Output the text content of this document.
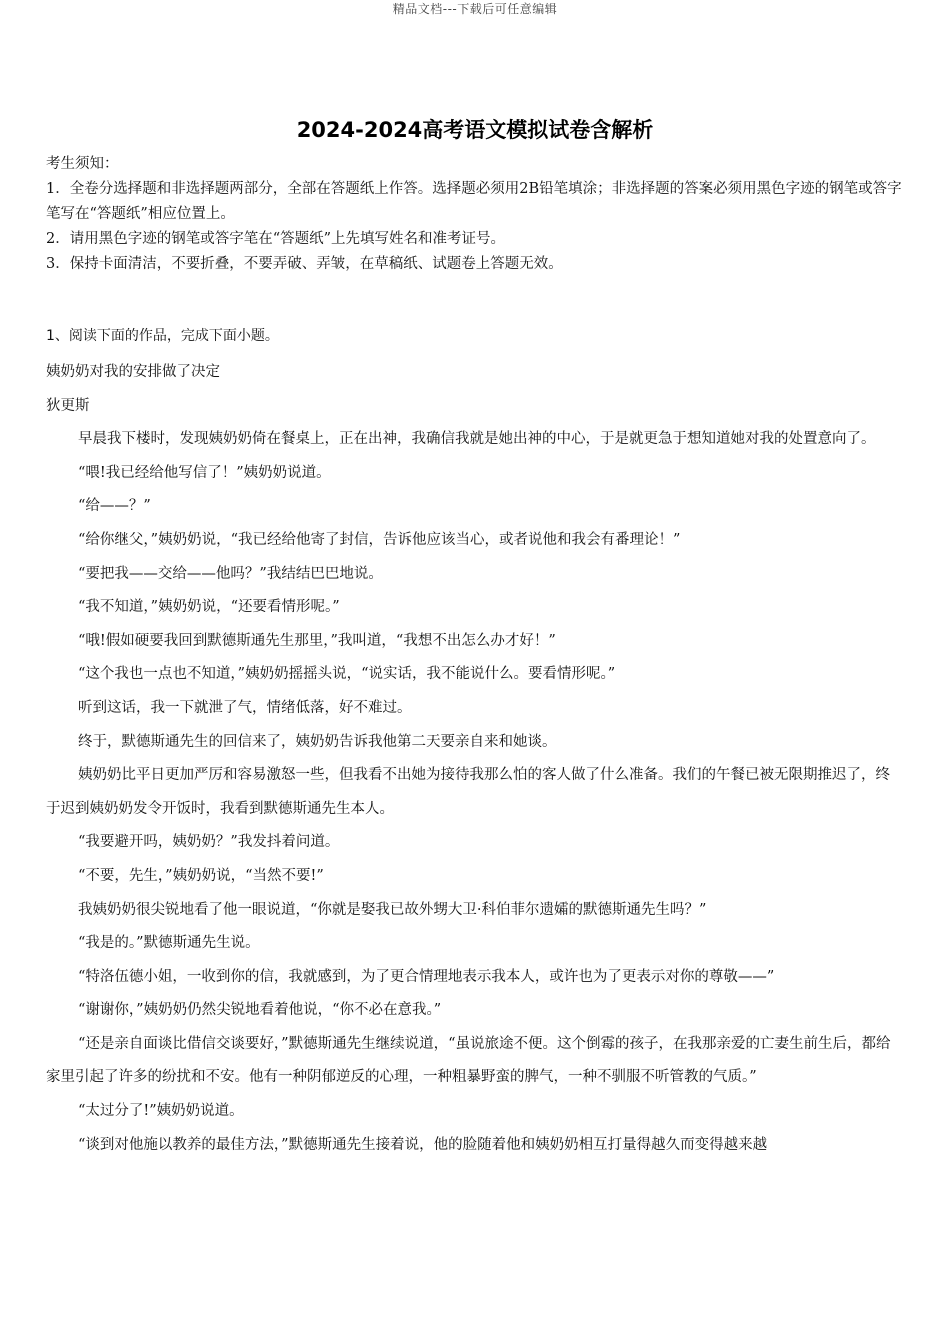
精品文档---下载后可任意编辑
2024-2024高考语文模拟试卷含解析
考生须知：
1．全卷分选择题和非选择题两部分，全部在答题纸上作答。选择题必须用2B铅笔填涂；非选择题的答案必须用黑色字迹的钢笔或答字笔写在“答题纸”相应位置上。
2．请用黑色字迹的钢笔或答字笔在“答题纸”上先填写姓名和准考证号。
3．保持卡面清洁，不要折叠，不要弄破、弄皱，在草稿纸、试题卷上答题无效。
1、阅读下面的作品，完成下面小题。

姨奶奶对我的安排做了决定

狄更斯

早晨我下楼时，发现姨奶奶倚在餐桌上，正在出神，我确信我就是她出神的中心，于是就更急于想知道她对我的处置意向了。

“喂!我已经给他写信了！”姨奶奶说道。

“给——？”

“给你继父，”姨奶奶说，“我已经给他寄了封信，告诉他应该当心，或者说他和我会有番理论！”

“要把我——交给——他吗？”我结结巴巴地说。

“我不知道，”姨奶奶说，“还要看情形呢。”

“哦!假如硬要我回到默德斯通先生那里，”我叫道，“我想不出怎么办才好！”

“这个我也一点也不知道，”姨奶奶摇摇头说，“说实话，我不能说什么。要看情形呢。”

听到这话，我一下就泄了气，情绪低落，好不难过。

终于，默德斯通先生的回信来了，姨奶奶告诉我他第二天要亲自来和她谈。

姨奶奶比平日更加严厉和容易激怒一些，但我看不出她为接待我那么怕的客人做了什么准备。我们的午餐已被无限期推迟了，终于迟到姨奶奶发令开饭时，我看到默德斯通先生本人。

“我要避开吗，姨奶奶？”我发抖着问道。

“不要，先生，”姨奶奶说，“当然不要!”

我姨奶奶很尖锐地看了他一眼说道，“你就是娶我已故外甥大卫·科伯菲尔遗孀的默德斯通先生吗？”

“我是的。”默德斯通先生说。

“特洛伍德小姐，一收到你的信，我就感到，为了更合情理地表示我本人，或许也为了更表示对你的尊敬——”

“谢谢你，”姨奶奶仍然尖锐地看着他说，“你不必在意我。”

“还是亲自面谈比借信交谈要好，”默德斯通先生继续说道，“虽说旅途不便。这个倒霉的孩子，在我那亲爱的亡妻生前生后，都给家里引起了许多的纷扰和不安。他有一种阴郁逆反的心理，一种粗暴野蛮的脾气，一种不驯服不听管教的气质。”

“太过分了!”姨奶奶说道。

“谈到对他施以教养的最佳方法，”默德斯通先生接着说，他的脸随着他和姨奶奶相互打量得越久而变得越来越
